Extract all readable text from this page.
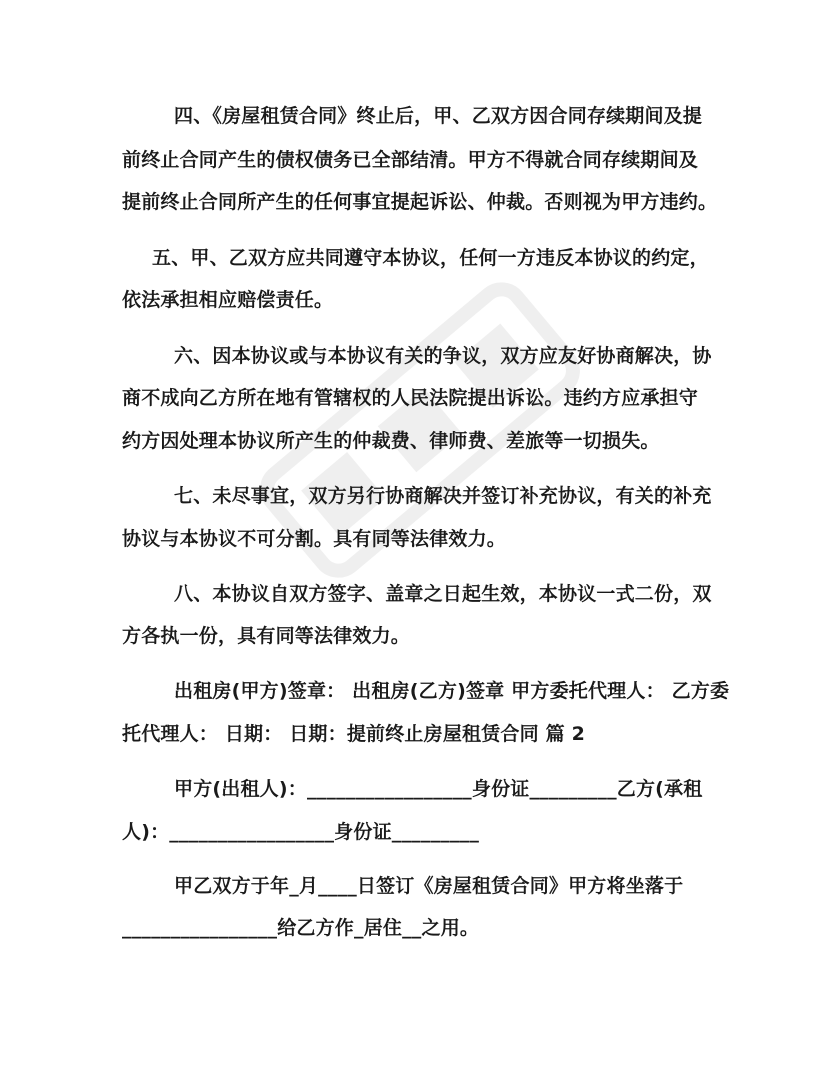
四、《房屋租赁合同》终止后，甲、乙双方因合同存续期间及提
前终止合同产生的债权债务已全部结清。甲方不得就合同存续期间及
提前终止合同所产生的任何事宜提起诉讼、仲裁。否则视为甲方违约。
五、甲、乙双方应共同遵守本协议，任何一方违反本协议的约定，
依法承担相应赔偿责任。
六、因本协议或与本协议有关的争议，双方应友好协商解决，协
商不成向乙方所在地有管辖权的人民法院提出诉讼。违约方应承担守
约方因处理本协议所产生的仲裁费、律师费、差旅等一切损失。
七、未尽事宜，双方另行协商解决并签订补充协议，有关的补充
协议与本协议不可分割。具有同等法律效力。
八、本协议自双方签字、盖章之日起生效，本协议一式二份，双
方各执一份，具有同等法律效力。
出租房(甲方)签章： 出租房(乙方)签章 甲方委托代理人： 乙方委
托代理人： 日期： 日期：提前终止房屋租赁合同 篇 2
甲方(出租人)：_________________身份证_________乙方(承租
人)：_________________身份证_________
甲乙双方于年_月____日签订《房屋租赁合同》甲方将坐落于
________________给乙方作_居住__之用。
